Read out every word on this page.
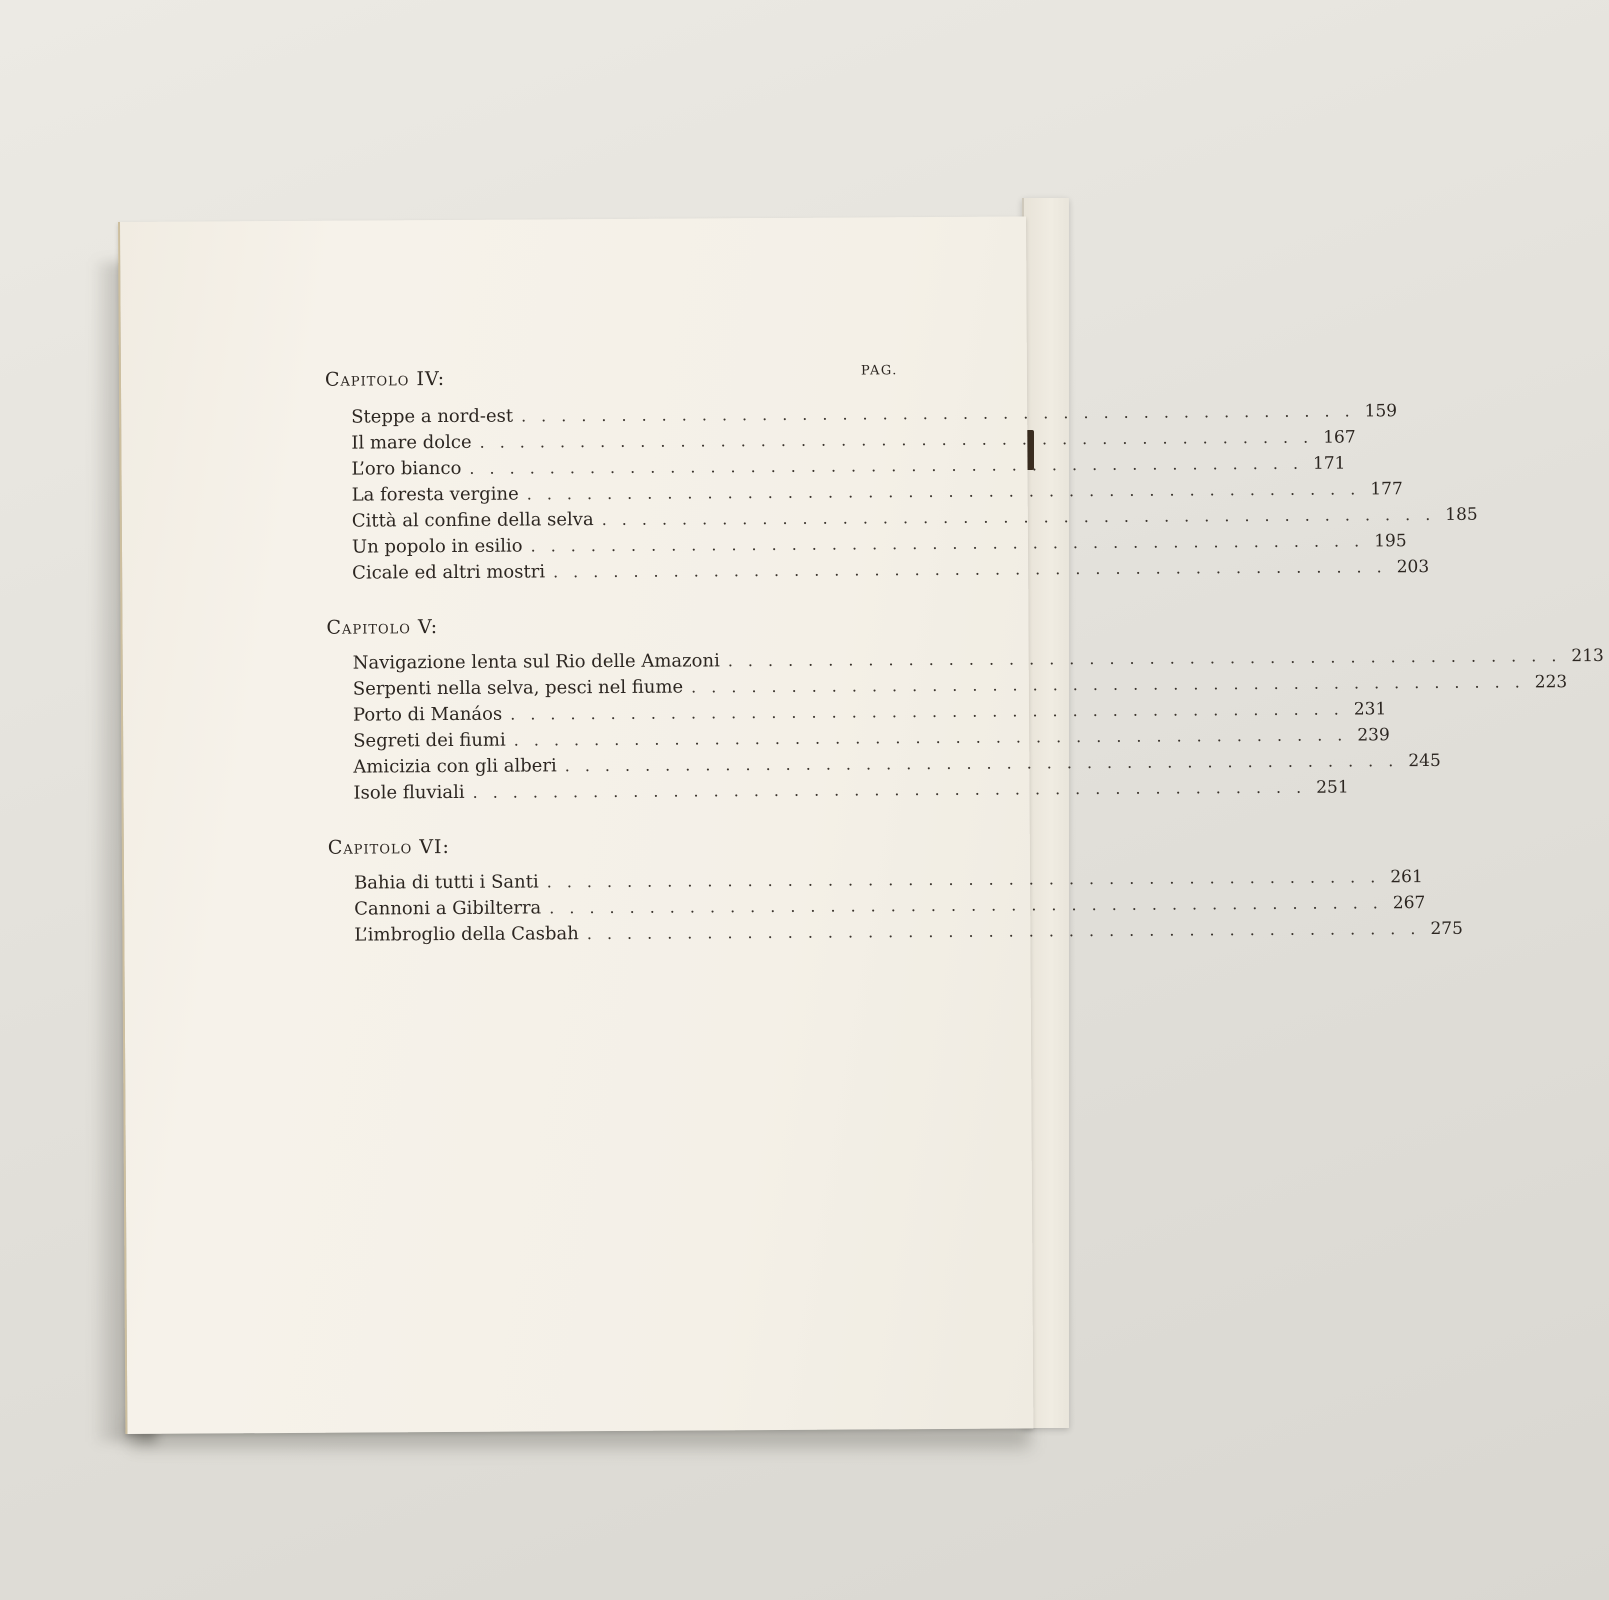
PAG.
Capitolo IV:
Steppe a nord-est .......................................... 159
Il mare dolce .......................................... 167
L’oro bianco .......................................... 171
La foresta vergine .......................................... 177
Città al confine della selva .......................................... 185
Un popolo in esilio .......................................... 195
Cicale ed altri mostri .......................................... 203
Capitolo V:
Navigazione lenta sul Rio delle Amazoni .......................................... 213
Serpenti nella selva, pesci nel fiume .......................................... 223
Porto di Manáos .......................................... 231
Segreti dei fiumi .......................................... 239
Amicizia con gli alberi .......................................... 245
Isole fluviali .......................................... 251
Capitolo VI:
Bahia di tutti i Santi .......................................... 261
Cannoni a Gibilterra .......................................... 267
L’imbroglio della Casbah .......................................... 275
